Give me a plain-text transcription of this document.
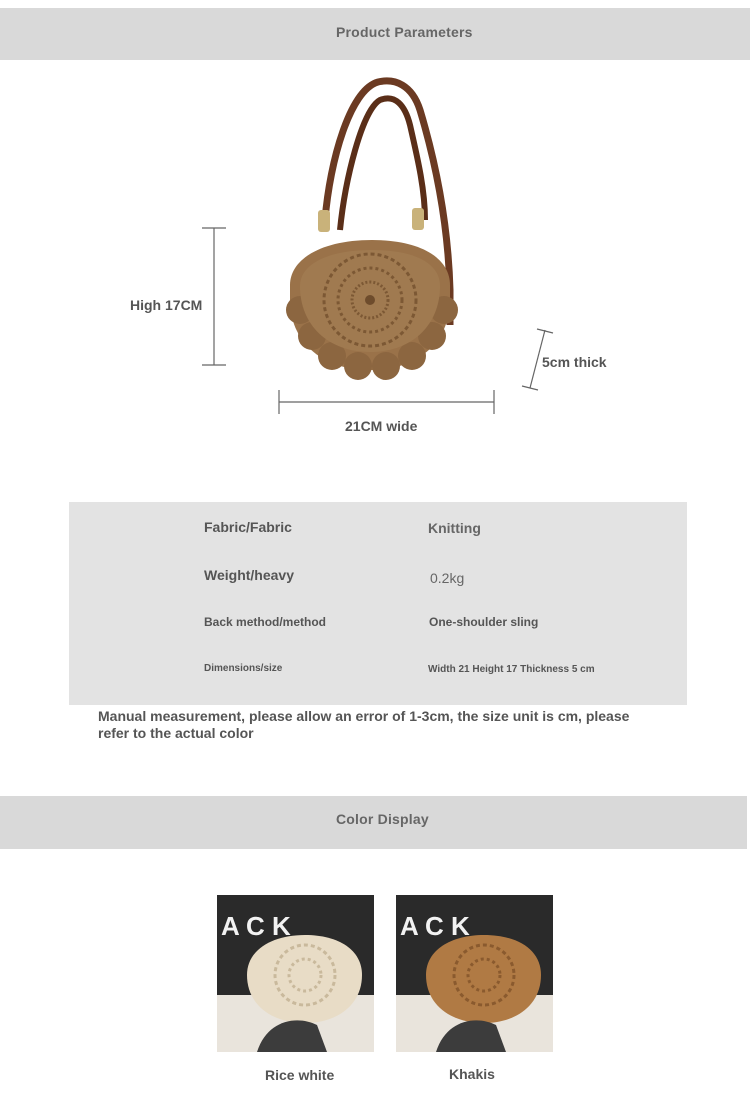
Product Parameters
High 17CM
21CM wide
5cm thick
Fabric/Fabric	Knitting
Weight/heavy	0.2kg
Back method/method	One-shoulder sling
Dimensions/size	Width 21 Height 17 Thickness 5 cm
Manual measurement, please allow an error of 1-3cm, the size unit is cm, please refer to the actual color
Color Display
A C K
Rice white
A C K
Khakis
